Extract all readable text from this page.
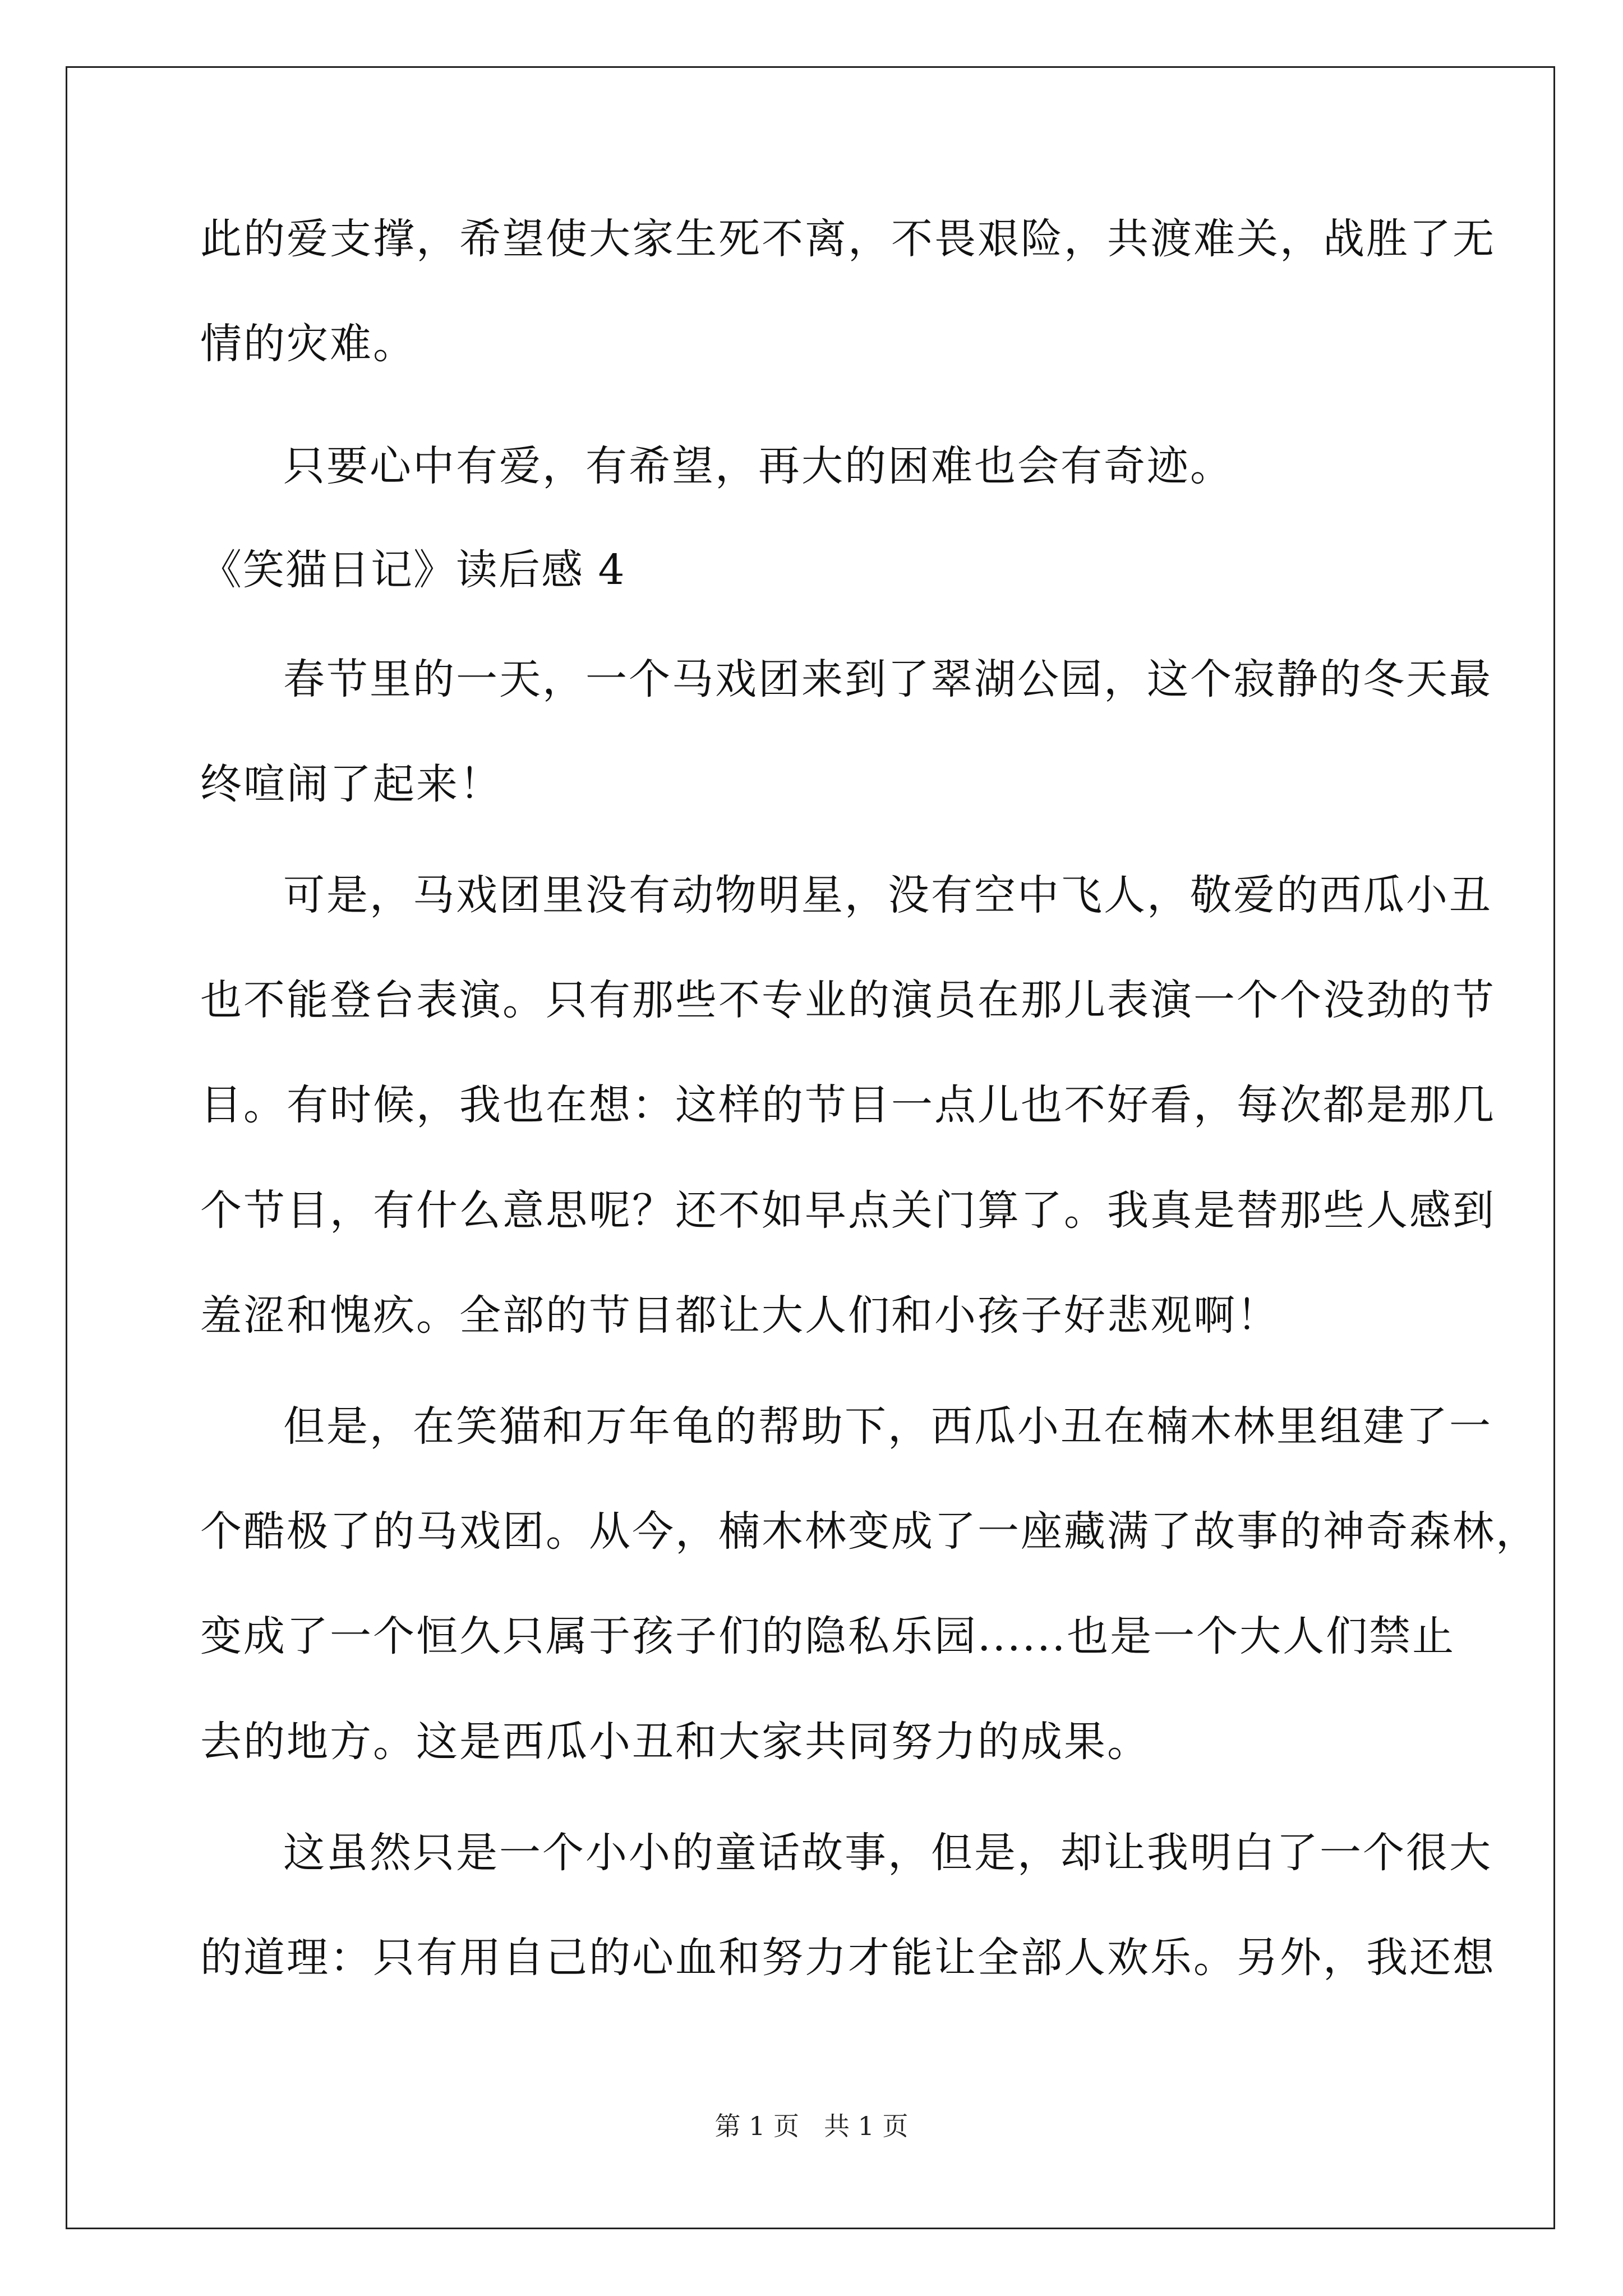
此的爱支撑，希望使大家生死不离，不畏艰险，共渡难关，战胜了无
情的灾难。
只要心中有爱，有希望，再大的困难也会有奇迹。
《笑猫日记》读后感 4
春节里的一天，一个马戏团来到了翠湖公园，这个寂静的冬天最
终喧闹了起来！
可是，马戏团里没有动物明星，没有空中飞人，敬爱的西瓜小丑
也不能登台表演。只有那些不专业的演员在那儿表演一个个没劲的节
目。有时候，我也在想：这样的节目一点儿也不好看，每次都是那几
个节目，有什么意思呢？还不如早点关门算了。我真是替那些人感到
羞涩和愧疚。全部的节目都让大人们和小孩子好悲观啊！
但是，在笑猫和万年龟的帮助下，西瓜小丑在楠木林里组建了一
个酷极了的马戏团。从今，楠木林变成了一座藏满了故事的神奇森林，
变成了一个恒久只属于孩子们的隐私乐园......也是一个大人们禁止
去的地方。这是西瓜小丑和大家共同努力的成果。
这虽然只是一个小小的童话故事，但是，却让我明白了一个很大
的道理：只有用自己的心血和努力才能让全部人欢乐。另外，我还想
第 1 页 共 1 页
